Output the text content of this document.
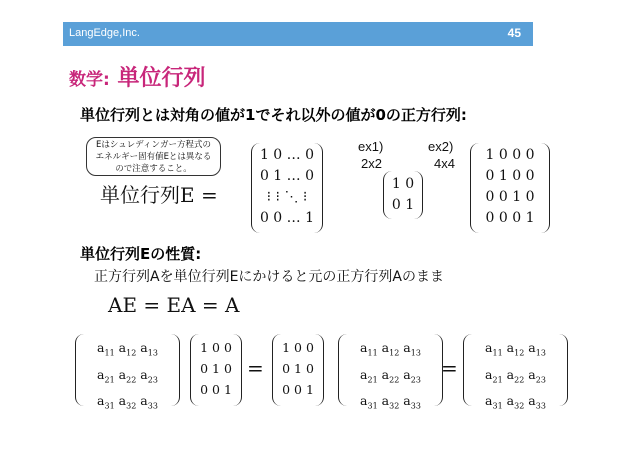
LangEdge,Inc.	45
数学: 単位行列
単位行列とは対角の値が1でそれ以外の値が0の正方行列:
Eはシュレディンガー方程式の
エネルギー固有値Eとは異なる
ので注意すること。
単位行列E =
1 0 … 0
0 1 … 0
⁝ ⁝ ⋱ ⁝
0 0 … 1
ex1)
2x2
1 0
0 1
ex2)
4x4
1 0 0 0
0 1 0 0
0 0 1 0
0 0 0 1
単位行列Eの性質:
正方行列Aを単位行列Eにかけると元の正方行列Aのまま
AE = EA = A
$a_{11}$ $a_{12}$ $a_{13}$
$a_{21}$ $a_{22}$ $a_{23}$
$a_{31}$ $a_{32}$ $a_{33}$
1 0 0
0 1 0
0 0 1
=
1 0 0
0 1 0
0 0 1
$a_{11}$ $a_{12}$ $a_{13}$
$a_{21}$ $a_{22}$ $a_{23}$
$a_{31}$ $a_{32}$ $a_{33}$
=
$a_{11}$ $a_{12}$ $a_{13}$
$a_{21}$ $a_{22}$ $a_{23}$
$a_{31}$ $a_{32}$ $a_{33}$
